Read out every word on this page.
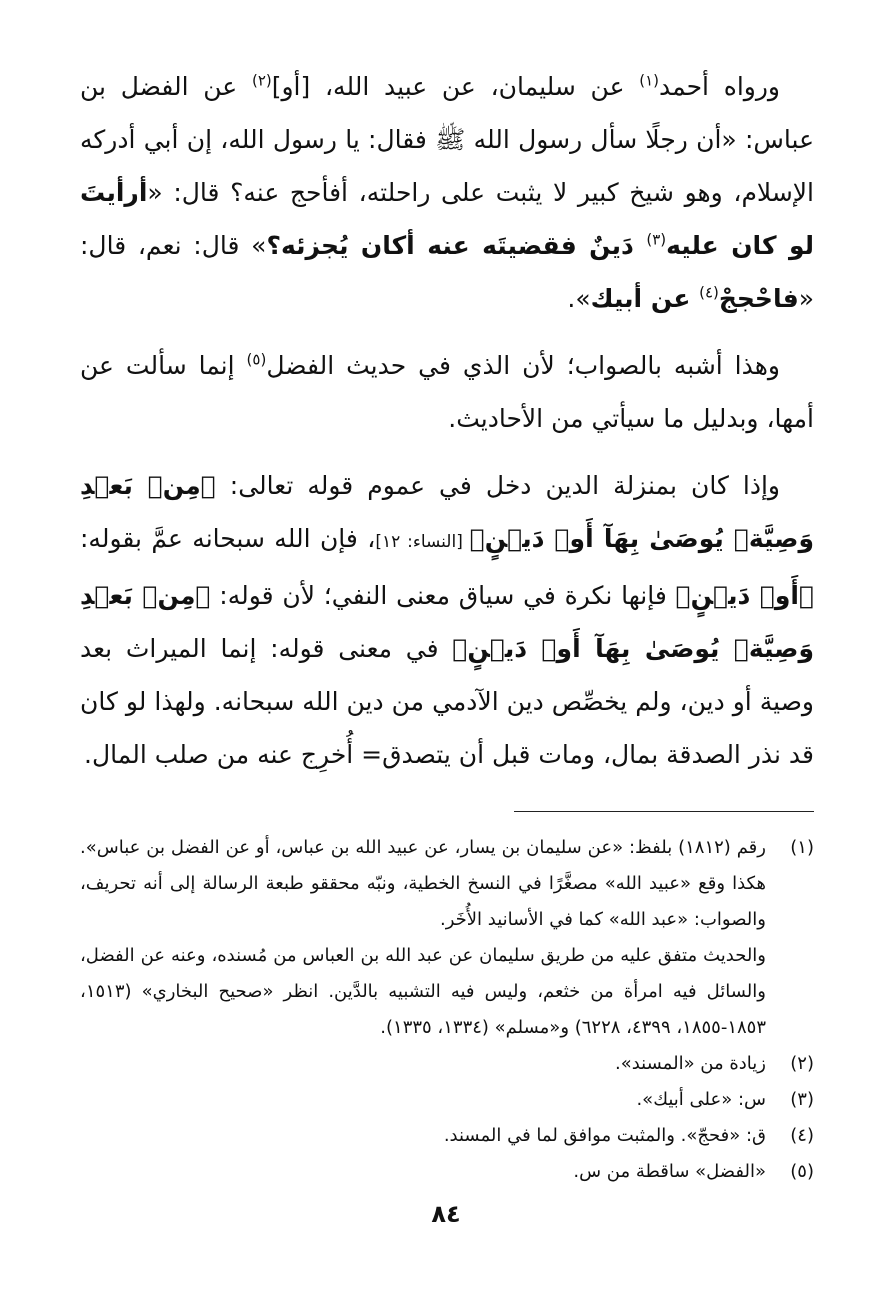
ورواه أحمد$^{(١)}$ عن سليمان، عن عبيد الله، [أو]$^{(٢)}$ عن الفضل بن عباس: «أن رجلًا سأل رسول الله ﷺ فقال: يا رسول الله، إن أبي أدركه الإسلام، وهو شيخ كبير لا يثبت على راحلته، أفأحج عنه؟ قال: «أرأيتَ لو كان عليه$^{(٣)}$ دَينٌ فقضيتَه عنه أكان يُجزئه؟» قال: نعم، قال: «فاحْججْ$^{(٤)}$ عن أبيك».

وهذا أشبه بالصواب؛ لأن الذي في حديث الفضل$^{(٥)}$ إنما سألت عن أمها، وبدليل ما سيأتي من الأحاديث.

وإذا كان بمنزلة الدين دخل في عموم قوله تعالى: ﴿مِنۢ بَعۡدِ وَصِيَّةٖ يُوصَىٰ بِهَآ أَوۡ دَيۡنٍ﴾ [النساء: ١٢]، فإن الله سبحانه عمَّ بقوله: ﴿أَوۡ دَيۡنٍ﴾ فإنها نكرة في سياق معنى النفي؛ لأن قوله: ﴿مِنۢ بَعۡدِ وَصِيَّةٖ يُوصَىٰ بِهَآ أَوۡ دَيۡنٍ﴾ في معنى قوله: إنما الميراث بعد وصية أو دين، ولم يخصِّص دين الآدمي من دين الله سبحانه. ولهذا لو كان قد نذر الصدقة بمال، ومات قبل أن يتصدق= أُخرِج عنه من صلب المال.

(١)
رقم (١٨١٢) بلفظ: «عن سليمان بن يسار، عن عبيد الله بن عباس، أو عن الفضل بن عباس». هكذا وقع «عبيد الله» مصغَّرًا في النسخ الخطية، ونبّه محققو طبعة الرسالة إلى أنه تحريف، والصواب: «عبد الله» كما في الأسانيد الأُخَر.
والحديث متفق عليه من طريق سليمان عن عبد الله بن العباس من مُسنده، وعنه عن الفضل، والسائل فيه امرأة من خثعم، وليس فيه التشبيه بالدَّين. انظر «صحيح البخاري» (١٥١٣، ١٨٥٣-١٨٥٥، ٤٣٩٩، ٦٢٢٨) و«مسلم» (١٣٣٤، ١٣٣٥).
(٢)
زيادة من «المسند».
(٣)
س: «على أبيك».
(٤)
ق: «فحجّ». والمثبت موافق لما في المسند.
(٥)
«الفضل» ساقطة من س.
٨٤
